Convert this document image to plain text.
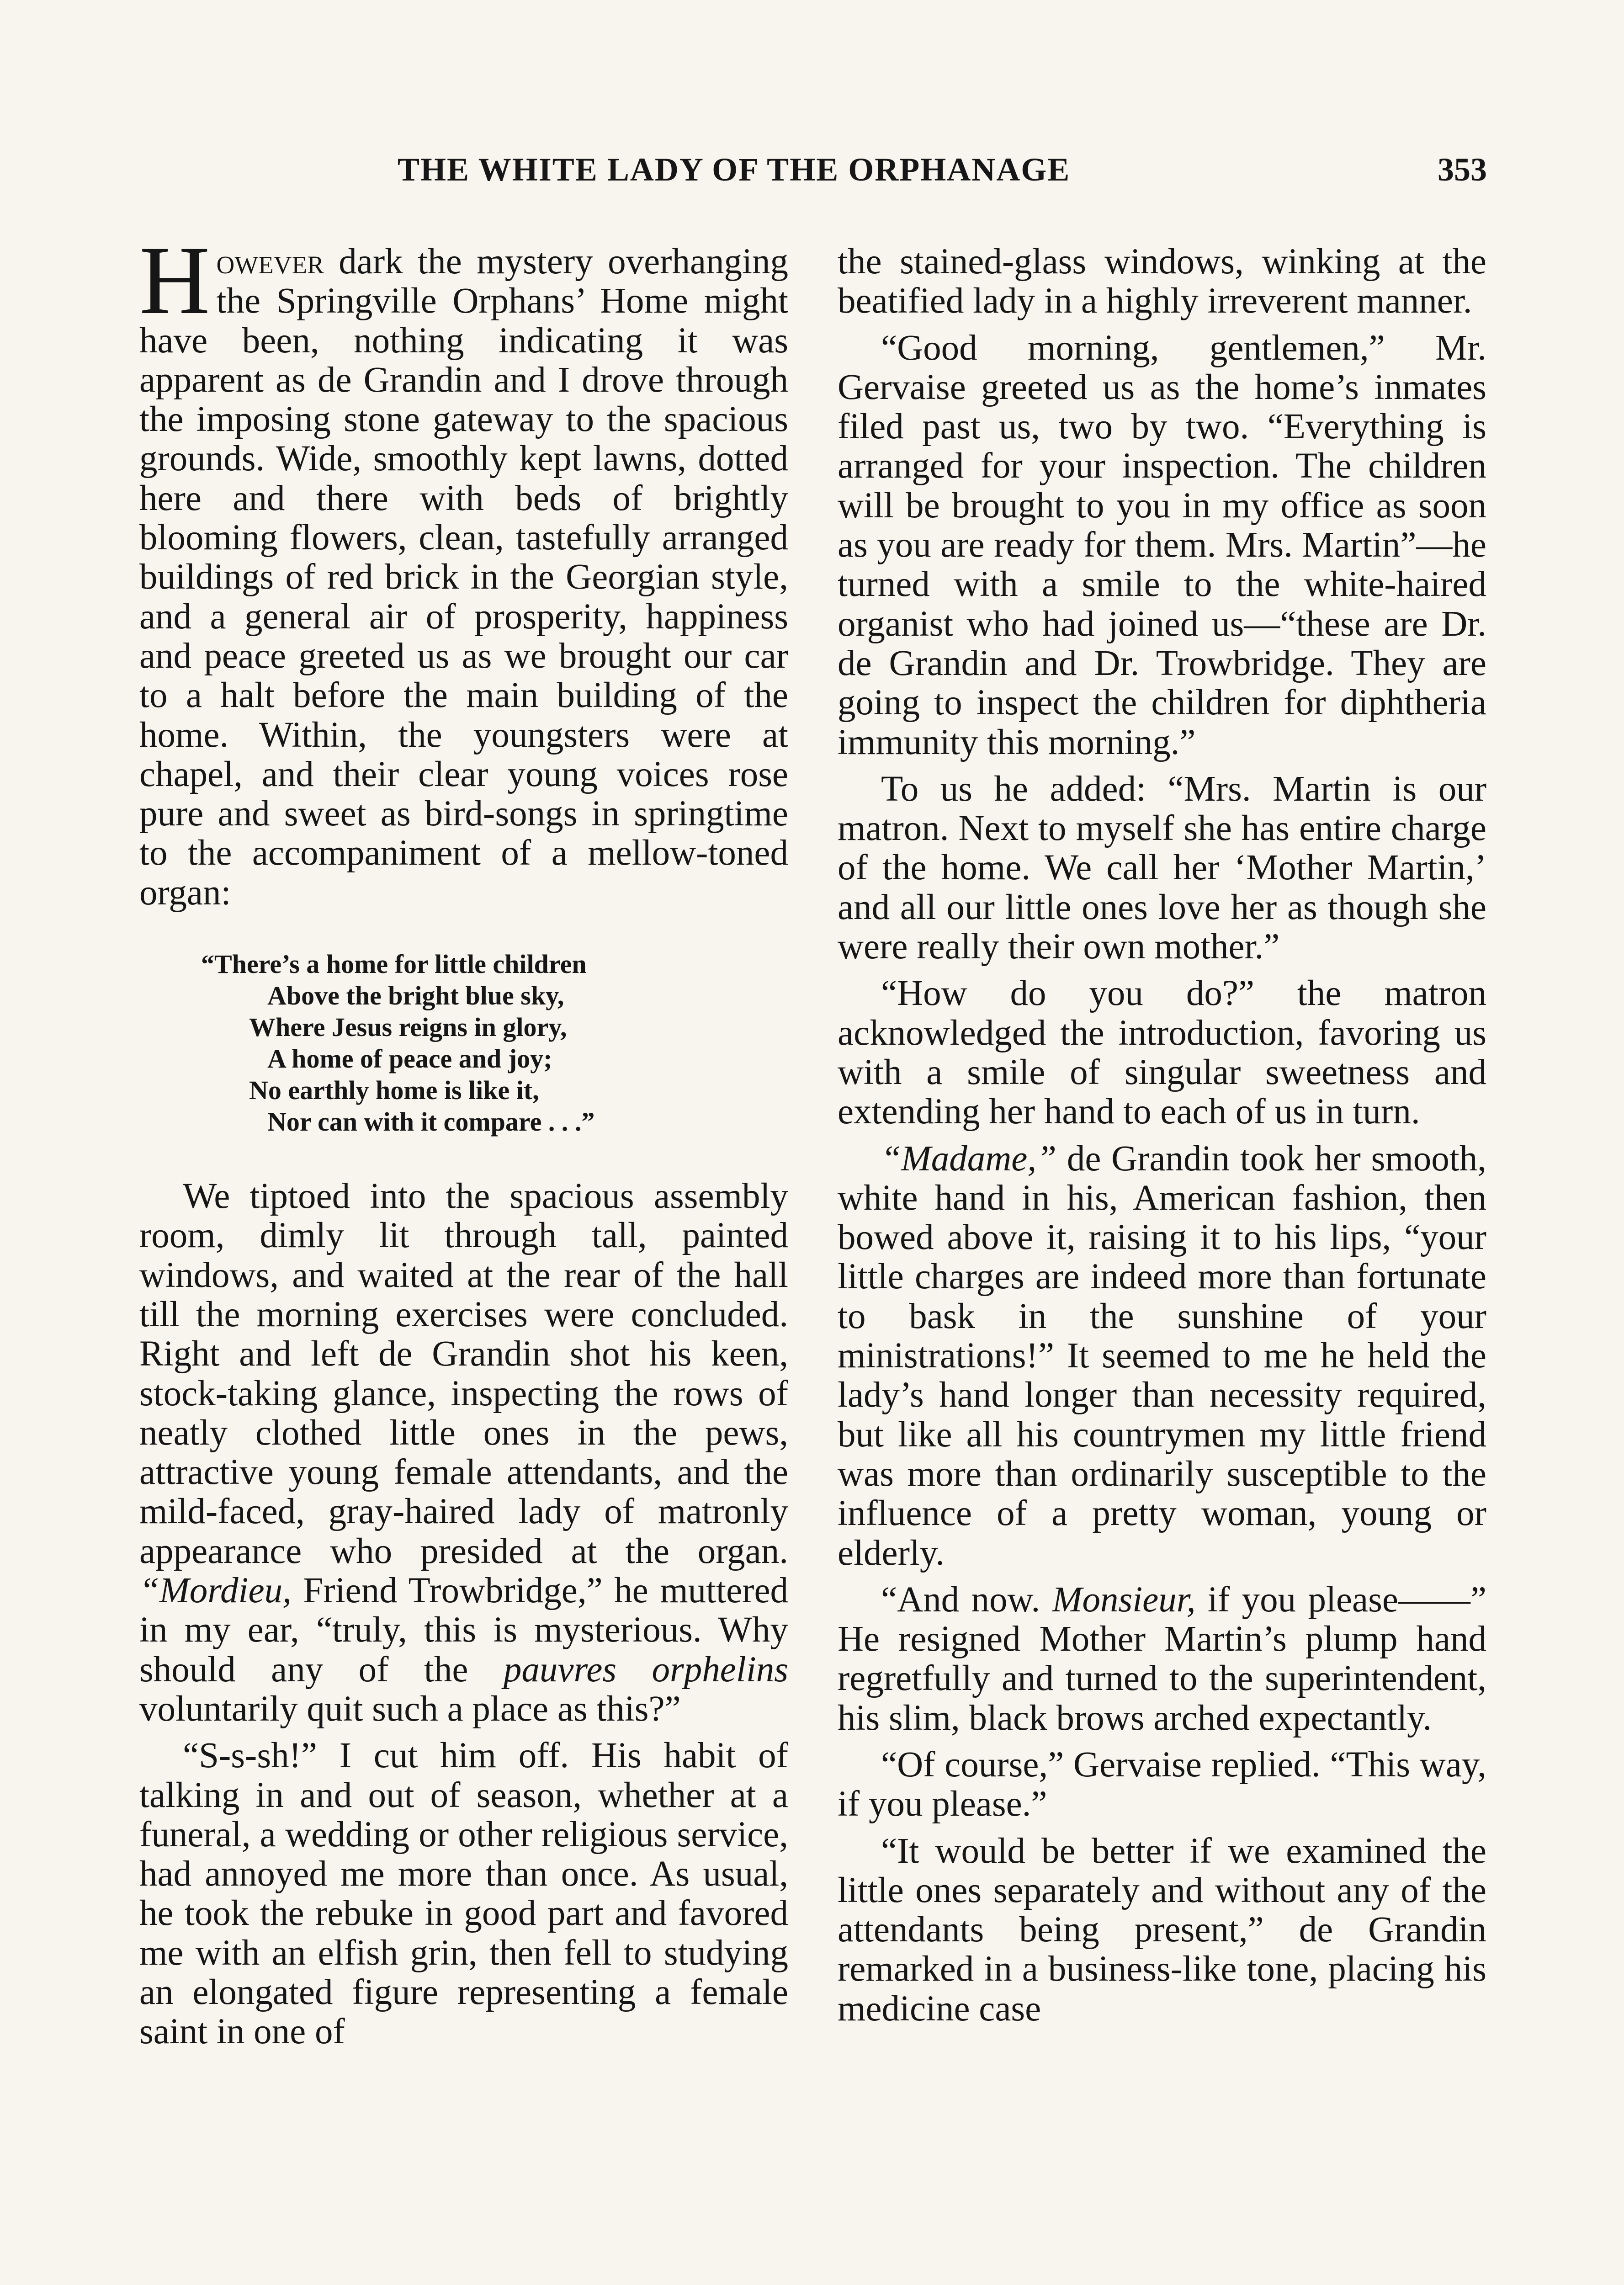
THE WHITE LADY OF THE ORPHANAGE	353

However dark the mystery overhanging the Springville Orphans’ Home might have been, nothing indicating it was apparent as de Grandin and I drove through the imposing stone gateway to the spacious grounds. Wide, smoothly kept lawns, dotted here and there with beds of brightly blooming flowers, clean, tastefully arranged buildings of red brick in the Georgian style, and a general air of prosperity, happiness and peace greeted us as we brought our car to a halt before the main building of the home. Within, the youngsters were at chapel, and their clear young voices rose pure and sweet as bird-songs in springtime to the accompaniment of a mellow-toned organ:

“There’s a home for little children
Above the bright blue sky,
Where Jesus reigns in glory,
A home of peace and joy;
No earthly home is like it,
Nor can with it compare . . .”

We tiptoed into the spacious assembly room, dimly lit through tall, painted windows, and waited at the rear of the hall till the morning exercises were concluded. Right and left de Grandin shot his keen, stock-taking glance, inspecting the rows of neatly clothed little ones in the pews, attractive young female attendants, and the mild-faced, gray-haired lady of matronly appearance who presided at the organ. “Mordieu, Friend Trowbridge,” he muttered in my ear, “truly, this is mysterious. Why should any of the pauvres orphelins voluntarily quit such a place as this?”

“S-s-sh!” I cut him off. His habit of talking in and out of season, whether at a funeral, a wedding or other religious service, had annoyed me more than once. As usual, he took the rebuke in good part and favored me with an elfish grin, then fell to studying an elongated figure representing a female saint in one of

the stained-glass windows, winking at the beatified lady in a highly irreverent manner.

“Good morning, gentlemen,” Mr. Gervaise greeted us as the home’s inmates filed past us, two by two. “Everything is arranged for your inspection. The children will be brought to you in my office as soon as you are ready for them. Mrs. Martin”—he turned with a smile to the white-haired organist who had joined us—“these are Dr. de Grandin and Dr. Trowbridge. They are going to inspect the children for diphtheria immunity this morning.”

To us he added: “Mrs. Martin is our matron. Next to myself she has entire charge of the home. We call her ‘Mother Martin,’ and all our little ones love her as though she were really their own mother.”

“How do you do?” the matron acknowledged the introduction, favoring us with a smile of singular sweetness and extending her hand to each of us in turn.

“Madame,” de Grandin took her smooth, white hand in his, American fashion, then bowed above it, raising it to his lips, “your little charges are indeed more than fortunate to bask in the sunshine of your ministrations!” It seemed to me he held the lady’s hand longer than necessity required, but like all his countrymen my little friend was more than ordinarily susceptible to the influence of a pretty woman, young or elderly.

“And now. Monsieur, if you please——” He resigned Mother Martin’s plump hand regretfully and turned to the superintendent, his slim, black brows arched expectantly.

“Of course,” Gervaise replied. “This way, if you please.”

“It would be better if we examined the little ones separately and without any of the attendants being present,” de Grandin remarked in a business-like tone, placing his medicine case
